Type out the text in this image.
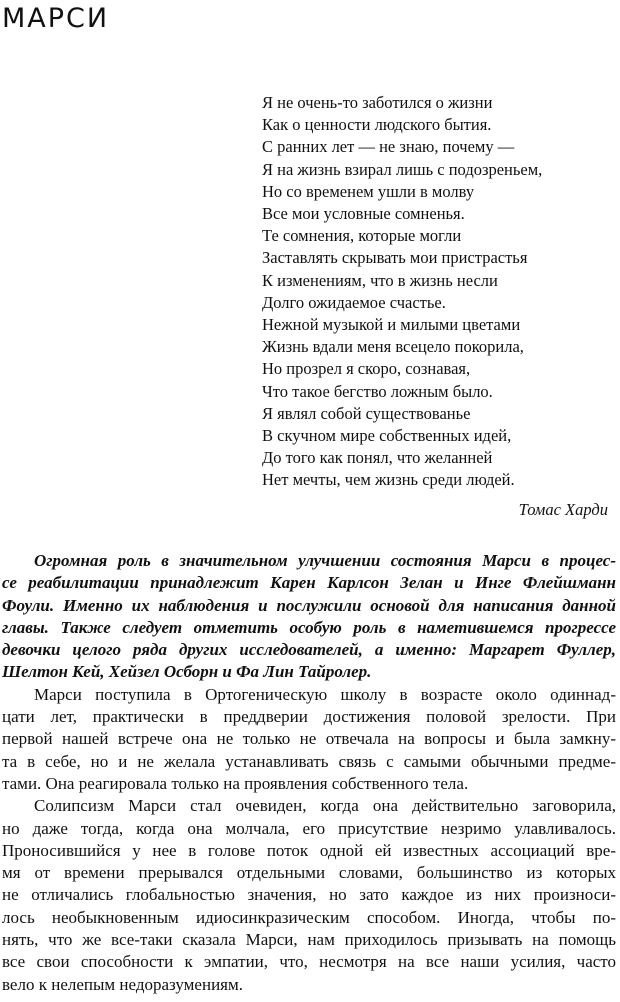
МАРСИ
Я не очень-то заботился о жизни
Как о ценности людского бытия.
С ранних лет — не знаю, почему —
Я на жизнь взирал лишь с подозреньем,
Но со временем ушли в молву
Все мои условные сомненья.
Те сомнения, которые могли
Заставлять скрывать мои пристрастья
К изменениям, что в жизнь несли
Долго ожидаемое счастье.
Нежной музыкой и милыми цветами
Жизнь вдали меня всецело покорила,
Но прозрел я скоро, сознавая,
Что такое бегство ложным было.
Я являл собой существованье
В скучном мире собственных идей,
До того как понял, что желанней
Нет мечты, чем жизнь среди людей.
Томас Харди
Огромная роль в значительном улучшении состояния Марси в процес-
се реабилитации принадлежит Карен Карлсон Зелан и Инге Флейшманн
Фоули. Именно их наблюдения и послужили основой для написания данной
главы. Также следует отметить особую роль в наметившемся прогрессе
девочки целого ряда других исследователей, а именно: Маргарет Фуллер,
Шелтон Кей, Хейзел Осборн и Фа Лин Тайролер.
Марси поступила в Ортогеническую школу в возрасте около одиннад-
цати лет, практически в преддверии достижения половой зрелости. При
первой нашей встрече она не только не отвечала на вопросы и была замкну-
та в себе, но и не желала устанавливать связь с самыми обычными предме-
тами. Она реагировала только на проявления собственного тела.
Солипсизм Марси стал очевиден, когда она действительно заговорила,
но даже тогда, когда она молчала, его присутствие незримо улавливалось.
Проносившийся у нее в голове поток одной ей известных ассоциаций вре-
мя от времени прерывался отдельными словами, большинство из которых
не отличались глобальностью значения, но зато каждое из них произноси-
лось необыкновенным идиосинкразическим способом. Иногда, чтобы по-
нять, что же все-таки сказала Марси, нам приходилось призывать на помощь
все свои способности к эмпатии, что, несмотря на все наши усилия, часто
вело к нелепым недоразумениям.
